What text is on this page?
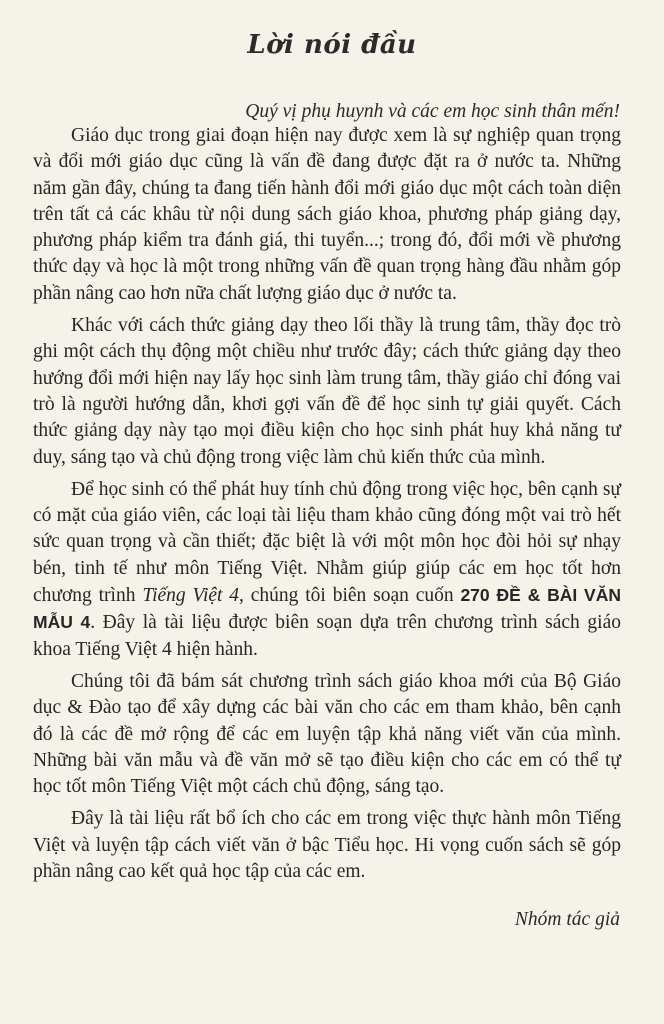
Lời nói đầu
Quý vị phụ huynh và các em học sinh thân mến!

Giáo dục trong giai đoạn hiện nay được xem là sự nghiệp quan trọng và đổi mới giáo dục cũng là vấn đề đang được đặt ra ở nước ta. Những năm gần đây, chúng ta đang tiến hành đổi mới giáo dục một cách toàn diện trên tất cả các khâu từ nội dung sách giáo khoa, phương pháp giảng dạy, phương pháp kiểm tra đánh giá, thi tuyển...; trong đó, đổi mới về phương thức dạy và học là một trong những vấn đề quan trọng hàng đầu nhằm góp phần nâng cao hơn nữa chất lượng giáo dục ở nước ta.

Khác với cách thức giảng dạy theo lối thầy là trung tâm, thầy đọc trò ghi một cách thụ động một chiều như trước đây; cách thức giảng dạy theo hướng đổi mới hiện nay lấy học sinh làm trung tâm, thầy giáo chỉ đóng vai trò là người hướng dẫn, khơi gợi vấn đề để học sinh tự giải quyết. Cách thức giảng dạy này tạo mọi điều kiện cho học sinh phát huy khả năng tư duy, sáng tạo và chủ động trong việc làm chủ kiến thức của mình.

Để học sinh có thể phát huy tính chủ động trong việc học, bên cạnh sự có mặt của giáo viên, các loại tài liệu tham khảo cũng đóng một vai trò hết sức quan trọng và cần thiết; đặc biệt là với một môn học đòi hỏi sự nhạy bén, tinh tế như môn Tiếng Việt. Nhằm giúp giúp các em học tốt hơn chương trình Tiếng Việt 4, chúng tôi biên soạn cuốn 270 ĐỀ & BÀI VĂN MẪU 4. Đây là tài liệu được biên soạn dựa trên chương trình sách giáo khoa Tiếng Việt 4 hiện hành.

Chúng tôi đã bám sát chương trình sách giáo khoa mới của Bộ Giáo dục & Đào tạo để xây dựng các bài văn cho các em tham khảo, bên cạnh đó là các đề mở rộng để các em luyện tập khả năng viết văn của mình. Những bài văn mẫu và đề văn mở sẽ tạo điều kiện cho các em có thể tự học tốt môn Tiếng Việt một cách chủ động, sáng tạo.

Đây là tài liệu rất bổ ích cho các em trong việc thực hành môn Tiếng Việt và luyện tập cách viết văn ở bậc Tiểu học. Hi vọng cuốn sách sẽ góp phần nâng cao kết quả học tập của các em.

Nhóm tác giả
